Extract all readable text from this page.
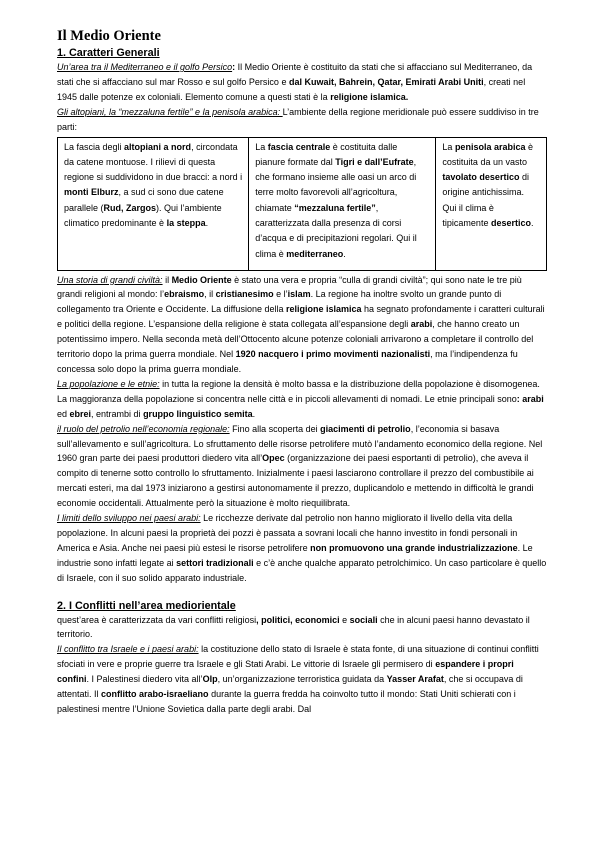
Il Medio Oriente
1. Caratteri Generali

Un’area tra il Mediterraneo e il golfo Persico: Il Medio Oriente è costituito da stati che si affacciano sul Mediterraneo, da stati che si affacciano sul mar Rosso e sul golfo Persico e dal Kuwait, Bahrein, Qatar, Emirati Arabi Uniti, creati nel 1945 dalle potenze ex coloniali. Elemento comune a questi stati è la religione islamica.

Gli altopiani, la “mezzaluna fertile” e la penisola arabica: L’ambiente della regione meridionale può essere suddiviso in tre parti:

La fascia degli altopiani a nord, circondata da catene montuose. I rilievi di questa regione si suddividono in due bracci: a nord i monti Elburz, a sud ci sono due catene parallele (Rud, Zargos). Qui l’ambiente climatico predominante è la steppa.
La fascia centrale è costituita dalle pianure formate dal Tigri e dall’Eufrate, che formano insieme alle oasi un arco di terre molto favorevoli all’agricoltura, chiamate “mezzaluna fertile”, caratterizzata dalla presenza di corsi d’acqua e di precipitazioni regolari. Qui il clima è mediterraneo.
La penisola arabica è costituita da un vasto tavolato desertico di origine antichissima. Qui il clima è tipicamente desertico.

Una storia di grandi civiltà: il Medio Oriente è stato una vera e propria “culla di grandi civiltà”; qui sono nate le tre più grandi religioni al mondo: l’ebraismo, il cristianesimo e l’islam. La regione ha inoltre svolto un grande punto di collegamento tra Oriente e Occidente. La diffusione della religione islamica ha segnato profondamente i caratteri culturali e politici della regione. L’espansione della religione è stata collegata all’espansione degli arabi, che hanno creato un potentissimo impero. Nella seconda metà dell’Ottocento alcune potenze coloniali arrivarono a completare il controllo del territorio dopo la prima guerra mondiale. Nel 1920 nacquero i primo movimenti nazionalisti, ma l’indipendenza fu concessa solo dopo la prima guerra mondiale.

La popolazione e le etnie: in tutta la regione la densità è molto bassa e la distribuzione della popolazione è disomogenea. La maggioranza della popolazione si concentra nelle città e in piccoli allevamenti di nomadi. Le etnie principali sono: arabi ed ebrei, entrambi di gruppo linguistico semita.

il ruolo del petrolio nell’economia regionale: Fino alla scoperta dei giacimenti di petrolio, l’economia si basava sull’allevamento e sull’agricoltura. Lo sfruttamento delle risorse petrolifere mutò l’andamento economico della regione. Nel 1960 gran parte dei paesi produttori diedero vita all’Opec (organizzazione dei paesi esportanti di petrolio), che aveva il compito di tenerne sotto controllo lo sfruttamento. Inizialmente i paesi lasciarono controllare il prezzo del combustibile ai mercati esteri, ma dal 1973 iniziarono a gestirsi autonomamente il prezzo, duplicandolo e mettendo in difficoltà le grandi economie occidentali. Attualmente però la situazione è molto riequilibrata.

I limiti dello sviluppo nei paesi arabi: Le ricchezze derivate dal petrolio non hanno migliorato il livello della vita della popolazione. In alcuni paesi la proprietà dei pozzi è passata a sovrani locali che hanno investito in fondi personali in America e Asia. Anche nei paesi più estesi le risorse petrolifere non promuovono una grande industrializzazione. Le industrie sono infatti legate ai settori tradizionali e c’è anche qualche apparato petrolchimico. Un caso particolare è quello di Israele, con il suo solido apparato industriale.

2. I Conflitti nell’area mediorientale

quest’area è caratterizzata da vari conflitti religiosi, politici, economici e sociali che in alcuni paesi hanno devastato il territorio.

Il conflitto tra Israele e i paesi arabi: la costituzione dello stato di Israele è stata fonte, di una situazione di continui conflitti sfociati in vere e proprie guerre tra Israele e gli Stati Arabi. Le vittorie di Israele gli permisero di espandere i propri confini. I Palestinesi diedero vita all’Olp, un’organizzazione terroristica guidata da Yasser Arafat, che si occupava di attentati. Il conflitto arabo-israeliano durante la guerra fredda ha coinvolto tutto il mondo: Stati Uniti schierati con i palestinesi mentre l’Unione Sovietica dalla parte degli arabi. Dal
